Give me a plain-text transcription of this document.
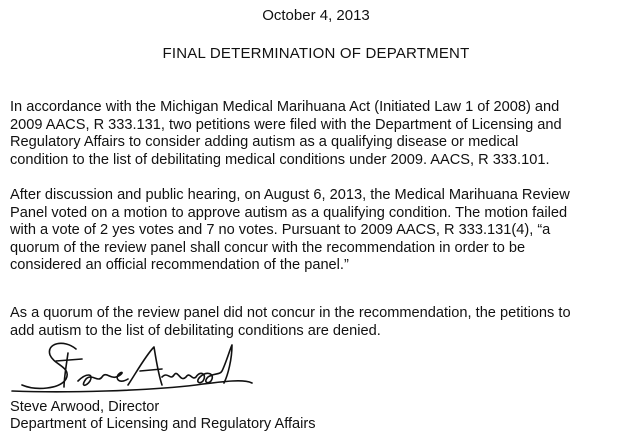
October 4, 2013
FINAL DETERMINATION OF DEPARTMENT

In accordance with the Michigan Medical Marihuana Act (Initiated Law 1 of 2008) and
2009 AACS, R 333.131, two petitions were filed with the Department of Licensing and
Regulatory Affairs to consider adding autism as a qualifying disease or medical
condition to the list of debilitating medical conditions under 2009. AACS, R 333.101.

After discussion and public hearing, on August 6, 2013, the Medical Marihuana Review
Panel voted on a motion to approve autism as a qualifying condition. The motion failed
with a vote of 2 yes votes and 7 no votes. Pursuant to 2009 AACS, R 333.131(4), “a
quorum of the review panel shall concur with the recommendation in order to be
considered an official recommendation of the panel.”

As a quorum of the review panel did not concur in the recommendation, the petitions to
add autism to the list of debilitating conditions are denied.

Steve Arwood, Director
Department of Licensing and Regulatory Affairs
